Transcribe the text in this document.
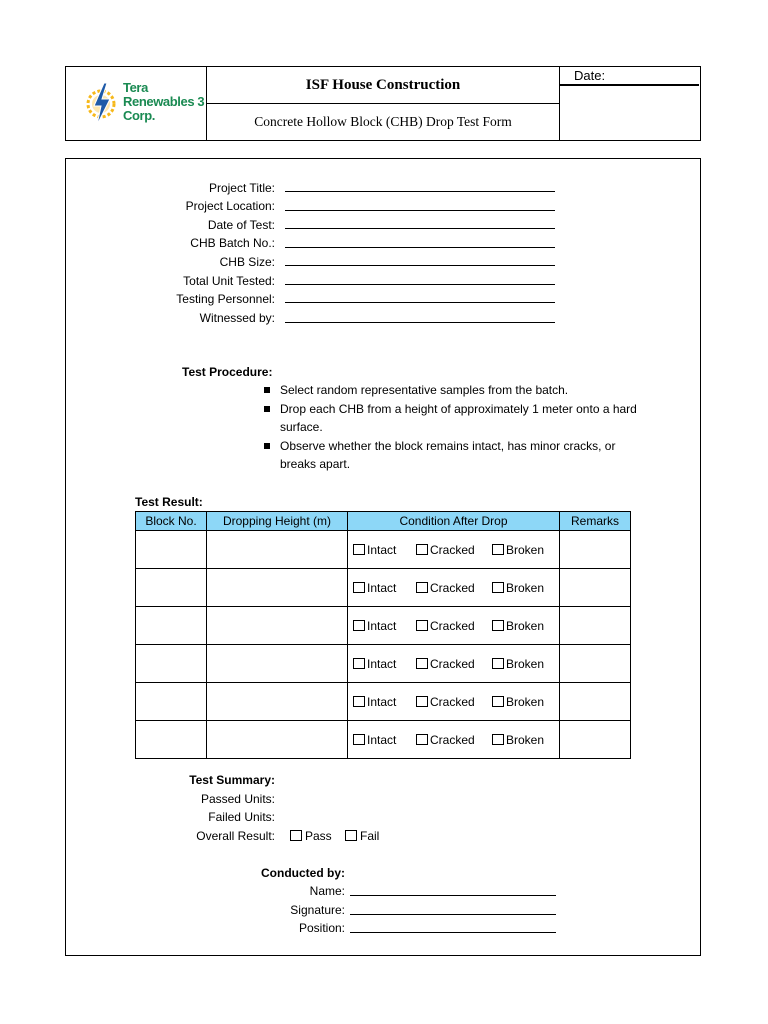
Tera
Renewables 3
Corp.
ISF House Construction
Concrete Hollow Block (CHB) Drop Test Form
Date:
Project Title:
Project Location:
Date of Test:
CHB Batch No.:
CHB Size:
Total Unit Tested:
Testing Personnel:
Witnessed by:
Test Procedure:
Select random representative samples from the batch.
Drop each CHB from a height of approximately 1 meter onto a hard surface.
Observe whether the block remains intact, has minor cracks, or breaks apart.
Test Result:
Block No.	Dropping Height (m)	Condition After Drop	Remarks

		Intact Cracked Broken	

		Intact Cracked Broken	

		Intact Cracked Broken	

		Intact Cracked Broken	

		Intact Cracked Broken	

		Intact Cracked Broken	

Test Summary:
Passed Units:
Failed Units:
Overall Result:	Pass	Fail
Conducted by:
Name:
Signature:
Position:
